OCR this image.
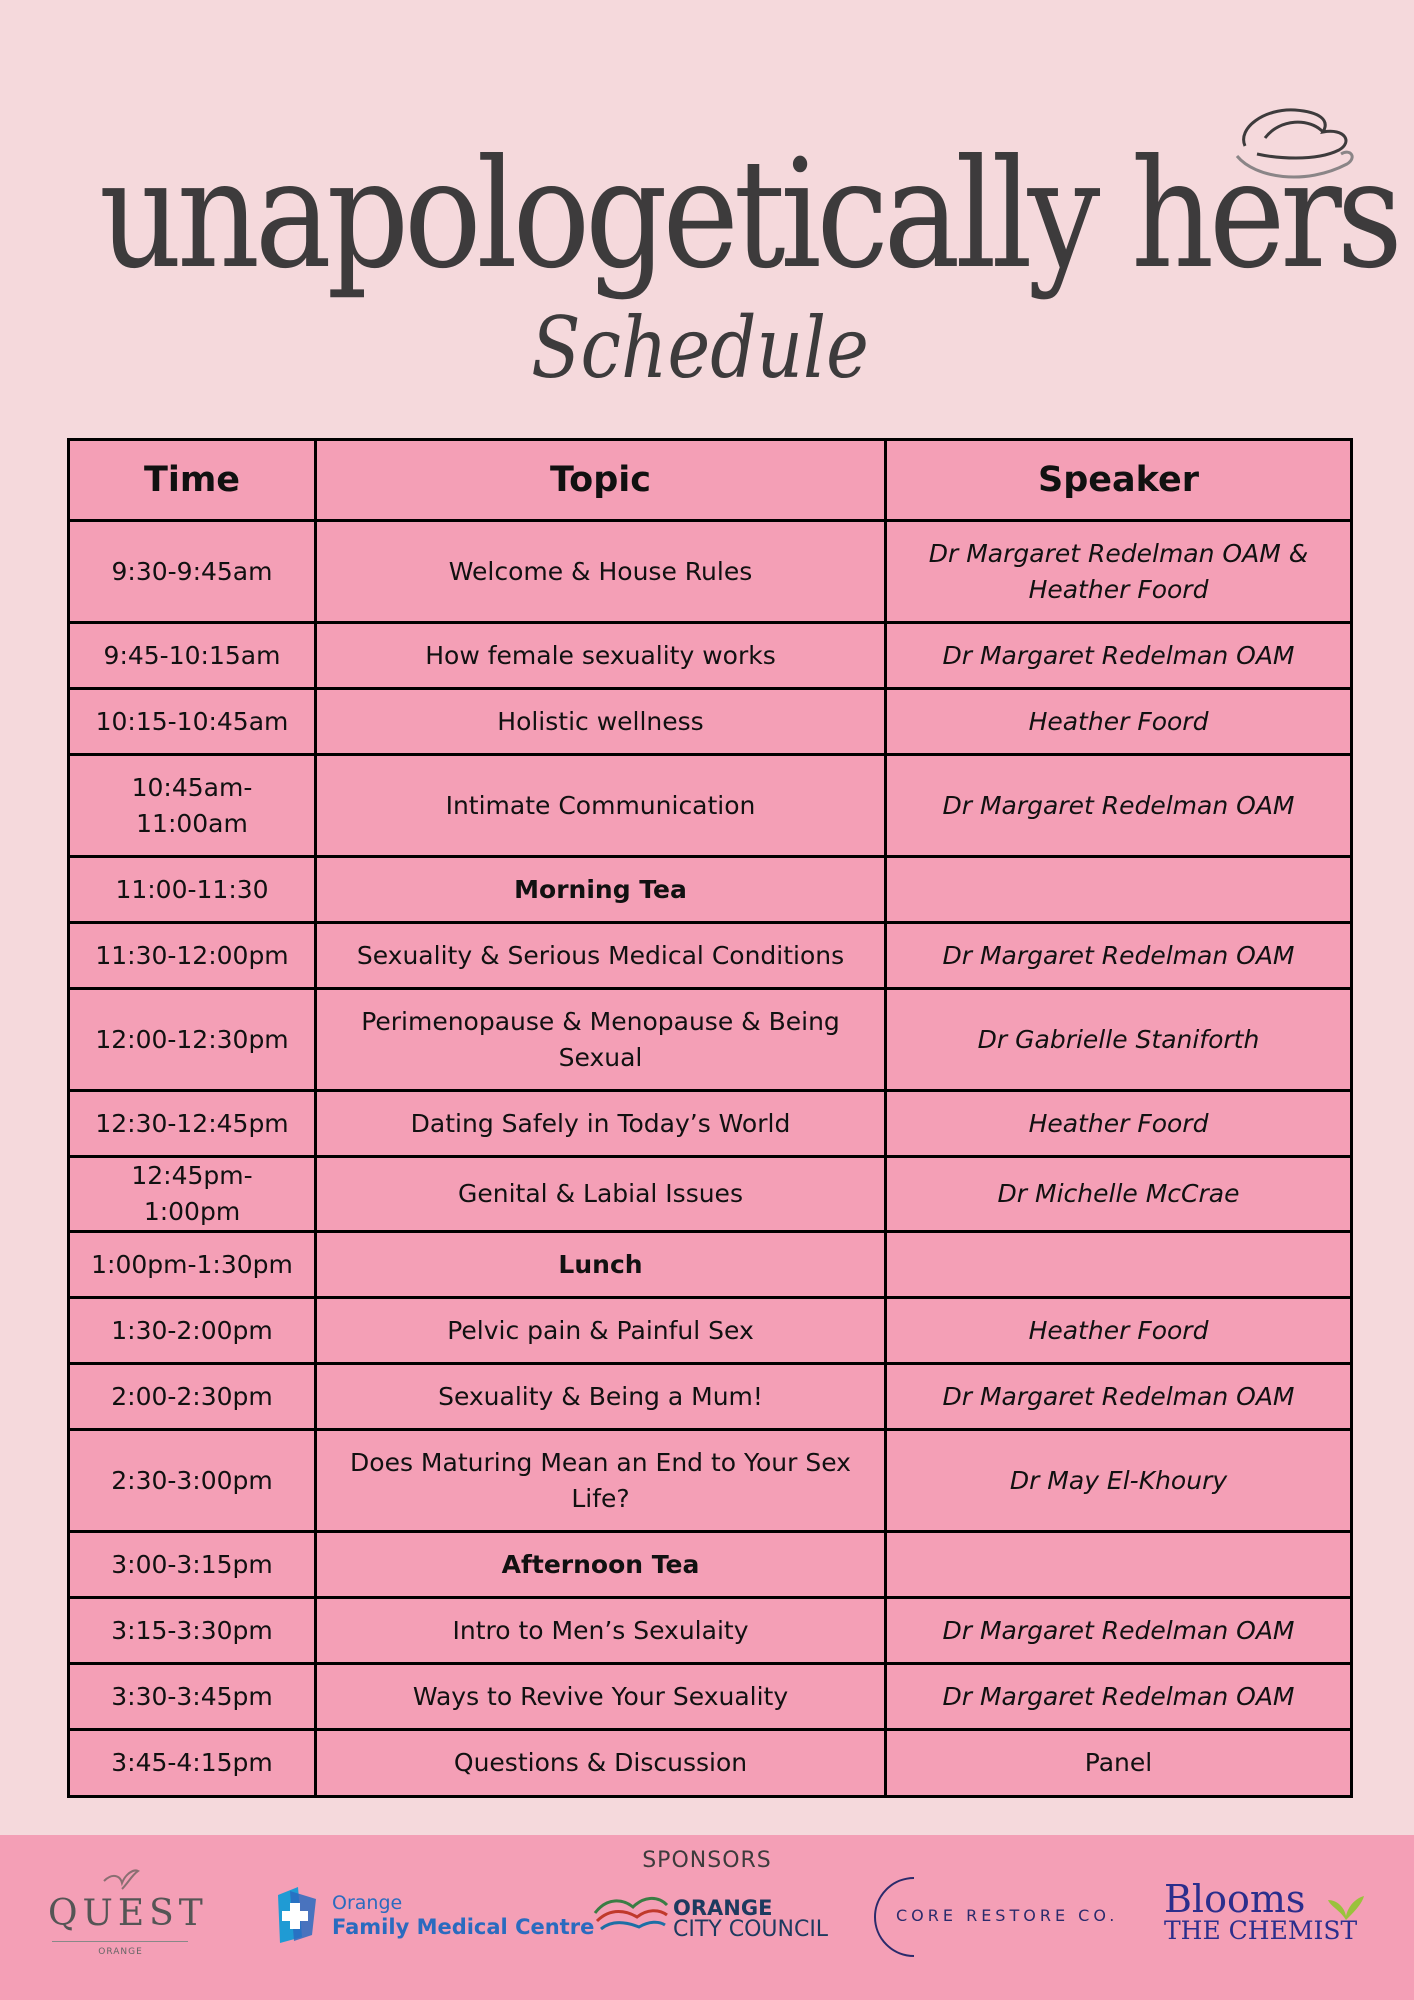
unapologetically hers
Schedule
Time	Topic	Speaker
9:30-9:45am	Welcome & House Rules	Dr Margaret Redelman OAM & Heather Foord
9:45-10:15am	How female sexuality works	Dr Margaret Redelman OAM
10:15-10:45am	Holistic wellness	Heather Foord
10:45am-11:00am	Intimate Communication	Dr Margaret Redelman OAM
11:00-11:30	Morning Tea	
11:30-12:00pm	Sexuality & Serious Medical Conditions	Dr Margaret Redelman OAM
12:00-12:30pm	Perimenopause & Menopause & Being Sexual	Dr Gabrielle Staniforth
12:30-12:45pm	Dating Safely in Today’s World	Heather Foord
12:45pm-1:00pm	Genital & Labial Issues	Dr Michelle McCrae
1:00pm-1:30pm	Lunch	
1:30-2:00pm	Pelvic pain & Painful Sex	Heather Foord
2:00-2:30pm	Sexuality & Being a Mum!	Dr Margaret Redelman OAM
2:30-3:00pm	Does Maturing Mean an End to Your Sex Life?	Dr May El-Khoury
3:00-3:15pm	Afternoon Tea	
3:15-3:30pm	Intro to Men’s Sexulaity	Dr Margaret Redelman OAM
3:30-3:45pm	Ways to Revive Your Sexuality	Dr Margaret Redelman OAM
3:45-4:15pm	Questions & Discussion	Panel
SPONSORS
QUEST
ORANGE
Orange
Family Medical Centre
ORANGE
CITY COUNCIL
CORE RESTORE CO. Blooms
THE CHEMIST
